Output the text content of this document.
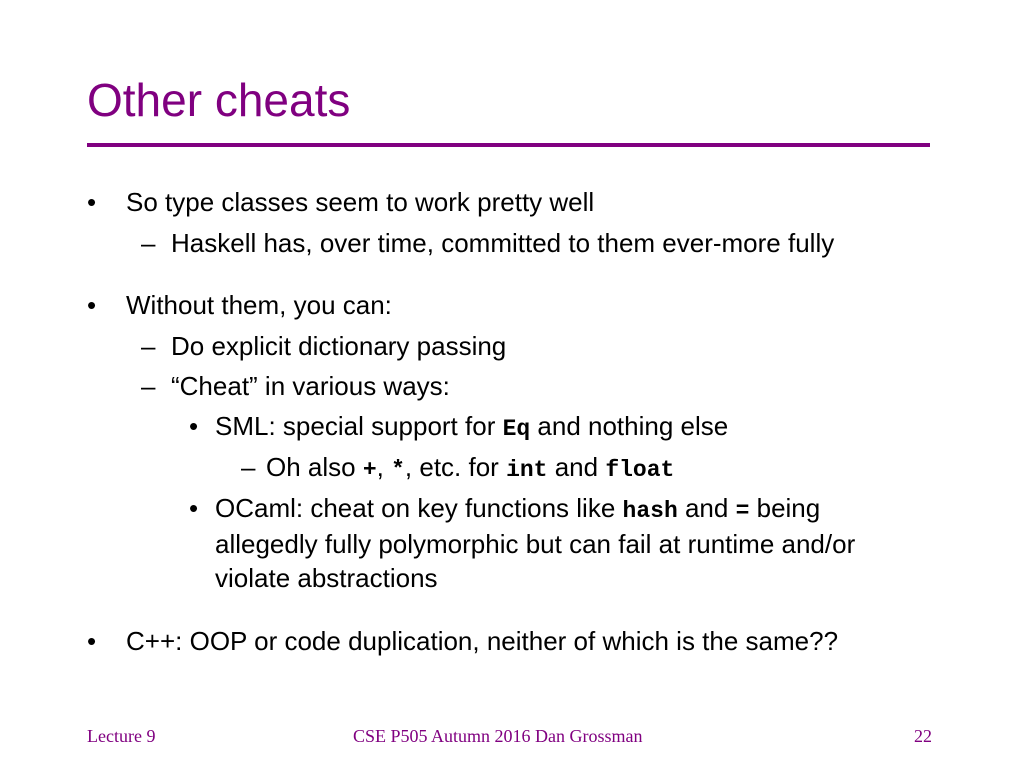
Other cheats
• So type classes seem to work pretty well
– Haskell has, over time, committed to them ever-more fully
• Without them, you can:
– Do explicit dictionary passing
– “Cheat” in various ways:
• SML: special support for Eq and nothing else
– Oh also +, *, etc. for int and float
• OCaml: cheat on key functions like hash and = being
allegedly fully polymorphic but can fail at runtime and/or
violate abstractions
• C++: OOP or code duplication, neither of which is the same??
Lecture 9	CSE P505 Autumn 2016 Dan Grossman	22
